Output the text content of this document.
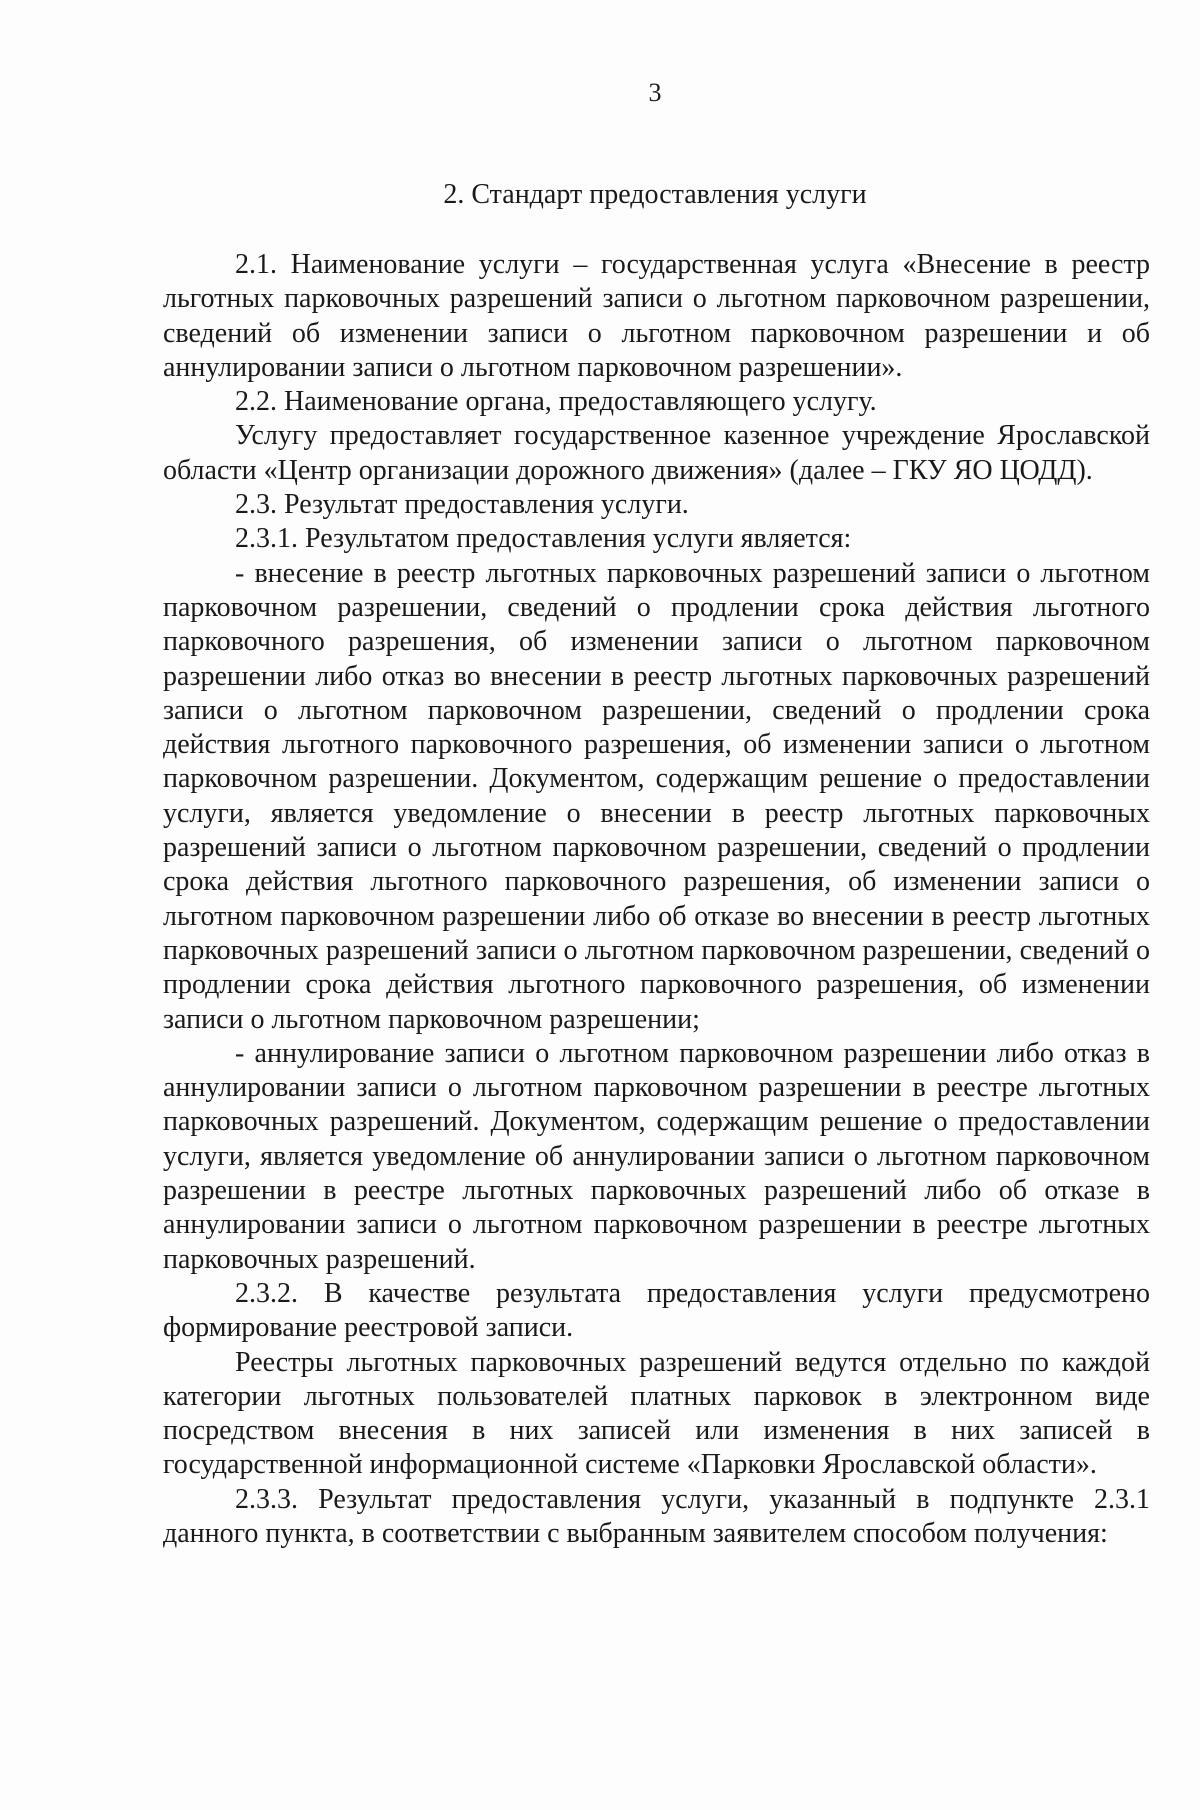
3
2. Стандарт предоставления услуги

2.1. Наименование услуги – государственная услуга «Внесение в реестр льготных парковочных разрешений записи о льготном парковочном разрешении, сведений об изменении записи о льготном парковочном разрешении и об аннулировании записи о льготном парковочном разрешении».

2.2. Наименование органа, предоставляющего услугу.

Услугу предоставляет государственное казенное учреждение Ярославской области «Центр организации дорожного движения» (далее – ГКУ ЯО ЦОДД).

2.3. Результат предоставления услуги.

2.3.1. Результатом предоставления услуги является:

- внесение в реестр льготных парковочных разрешений записи о льготном парковочном разрешении, сведений о продлении срока действия льготного парковочного разрешения, об изменении записи о льготном парковочном разрешении либо отказ во внесении в реестр льготных парковочных разрешений записи о льготном парковочном разрешении, сведений о продлении срока действия льготного парковочного разрешения, об изменении записи о льготном парковочном разрешении. Документом, содержащим решение о предоставлении услуги, является уведомление о внесении в реестр льготных парковочных разрешений записи о льготном парковочном разрешении, сведений о продлении срока действия льготного парковочного разрешения, об изменении записи о льготном парковочном разрешении либо об отказе во внесении в реестр льготных парковочных разрешений записи о льготном парковочном разрешении, сведений о продлении срока действия льготного парковочного разрешения, об изменении записи о льготном парковочном разрешении;

- аннулирование записи о льготном парковочном разрешении либо отказ в аннулировании записи о льготном парковочном разрешении в реестре льготных парковочных разрешений. Документом, содержащим решение о предоставлении услуги, является уведомление об аннулировании записи о льготном парковочном разрешении в реестре льготных парковочных разрешений либо об отказе в аннулировании записи о льготном парковочном разрешении в реестре льготных парковочных разрешений.

2.3.2. В качестве результата предоставления услуги предусмотрено формирование реестровой записи.

Реестры льготных парковочных разрешений ведутся отдельно по каждой категории льготных пользователей платных парковок в электронном виде посредством внесения в них записей или изменения в них записей в государственной информационной системе «Парковки Ярославской области».

2.3.3. Результат предоставления услуги, указанный в подпункте 2.3.1 данного пункта, в соответствии с выбранным заявителем способом получения:
